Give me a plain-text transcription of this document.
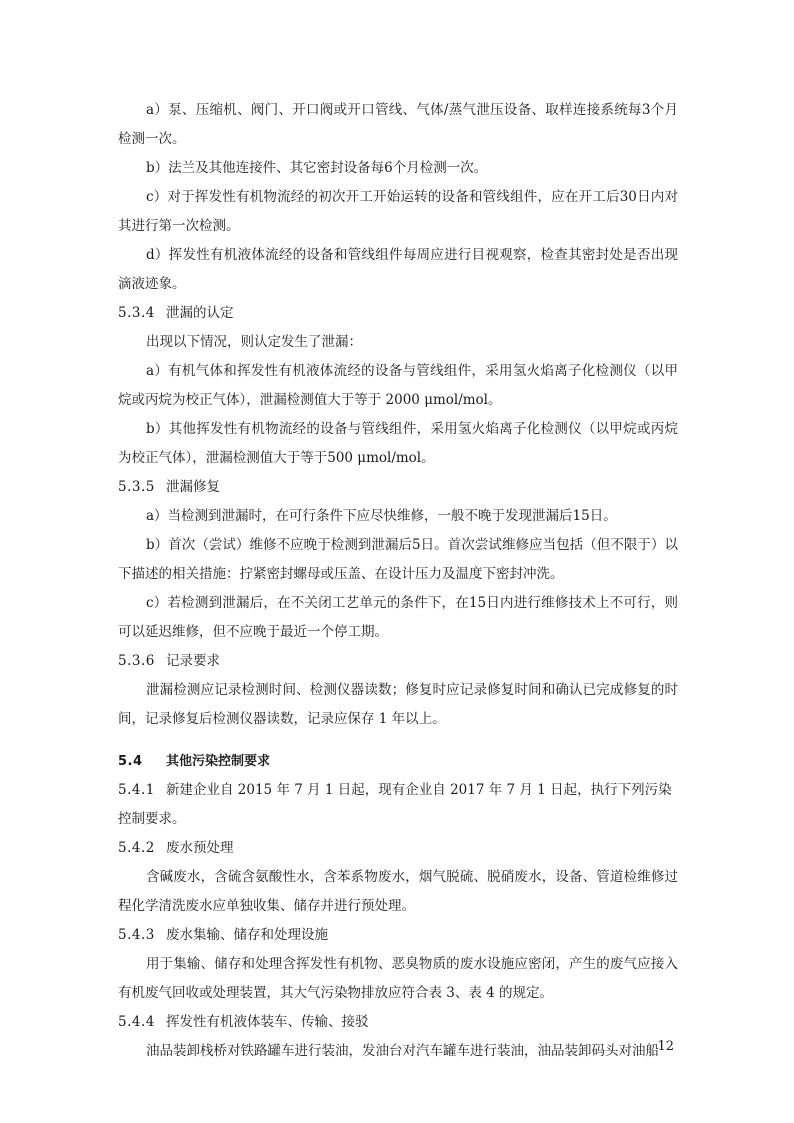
a）泵、压缩机、阀门、开口阀或开口管线、气体/蒸气泄压设备、取样连接系统每3个月检测一次。

b）法兰及其他连接件、其它密封设备每6个月检测一次。

c）对于挥发性有机物流经的初次开工开始运转的设备和管线组件，应在开工后30日内对其进行第一次检测。

d）挥发性有机液体流经的设备和管线组件每周应进行目视观察，检查其密封处是否出现滴液迹象。

5.3.4 泄漏的认定

出现以下情况，则认定发生了泄漏：

a）有机气体和挥发性有机液体流经的设备与管线组件，采用氢火焰离子化检测仪（以甲烷或丙烷为校正气体），泄漏检测值大于等于 2000 μmol/mol。

b）其他挥发性有机物流经的设备与管线组件，采用氢火焰离子化检测仪（以甲烷或丙烷为校正气体），泄漏检测值大于等于500 μmol/mol。

5.3.5 泄漏修复

a）当检测到泄漏时，在可行条件下应尽快维修，一般不晚于发现泄漏后15日。

b）首次（尝试）维修不应晚于检测到泄漏后5日。首次尝试维修应当包括（但不限于）以下描述的相关措施：拧紧密封螺母或压盖、在设计压力及温度下密封冲洗。

c）若检测到泄漏后，在不关闭工艺单元的条件下，在15日内进行维修技术上不可行，则可以延迟维修，但不应晚于最近一个停工期。

5.3.6 记录要求

泄漏检测应记录检测时间、检测仪器读数；修复时应记录修复时间和确认已完成修复的时间，记录修复后检测仪器读数，记录应保存 1 年以上。

5.4 其他污染控制要求

5.4.1 新建企业自 2015 年 7 月 1 日起，现有企业自 2017 年 7 月 1 日起，执行下列污染控制要求。

5.4.2 废水预处理

含碱废水，含硫含氨酸性水，含苯系物废水，烟气脱硫、脱硝废水，设备、管道检维修过程化学清洗废水应单独收集、储存并进行预处理。

5.4.3 废水集输、储存和处理设施

用于集输、储存和处理含挥发性有机物、恶臭物质的废水设施应密闭，产生的废气应接入有机废气回收或处理装置，其大气污染物排放应符合表 3、表 4 的规定。

5.4.4 挥发性有机液体装车、传输、接驳

油品装卸栈桥对铁路罐车进行装油，发油台对汽车罐车进行装油，油品装卸码头对油船

12
